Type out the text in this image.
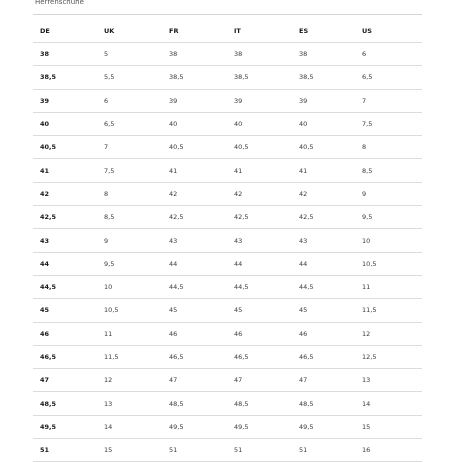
Herrenschuhe
DE	UK	FR	IT	ES	US
38	5	38	38	38	6
38,5	5,5	38,5	38,5	38,5	6,5
39	6	39	39	39	7
40	6,5	40	40	40	7,5
40,5	7	40,5	40,5	40,5	8
41	7,5	41	41	41	8,5
42	8	42	42	42	9
42,5	8,5	42,5	42,5	42,5	9,5
43	9	43	43	43	10
44	9,5	44	44	44	10,5
44,5	10	44,5	44,5	44,5	11
45	10,5	45	45	45	11,5
46	11	46	46	46	12
46,5	11,5	46,5	46,5	46,5	12,5
47	12	47	47	47	13
48,5	13	48,5	48,5	48,5	14
49,5	14	49,5	49,5	49,5	15
51	15	51	51	51	16
